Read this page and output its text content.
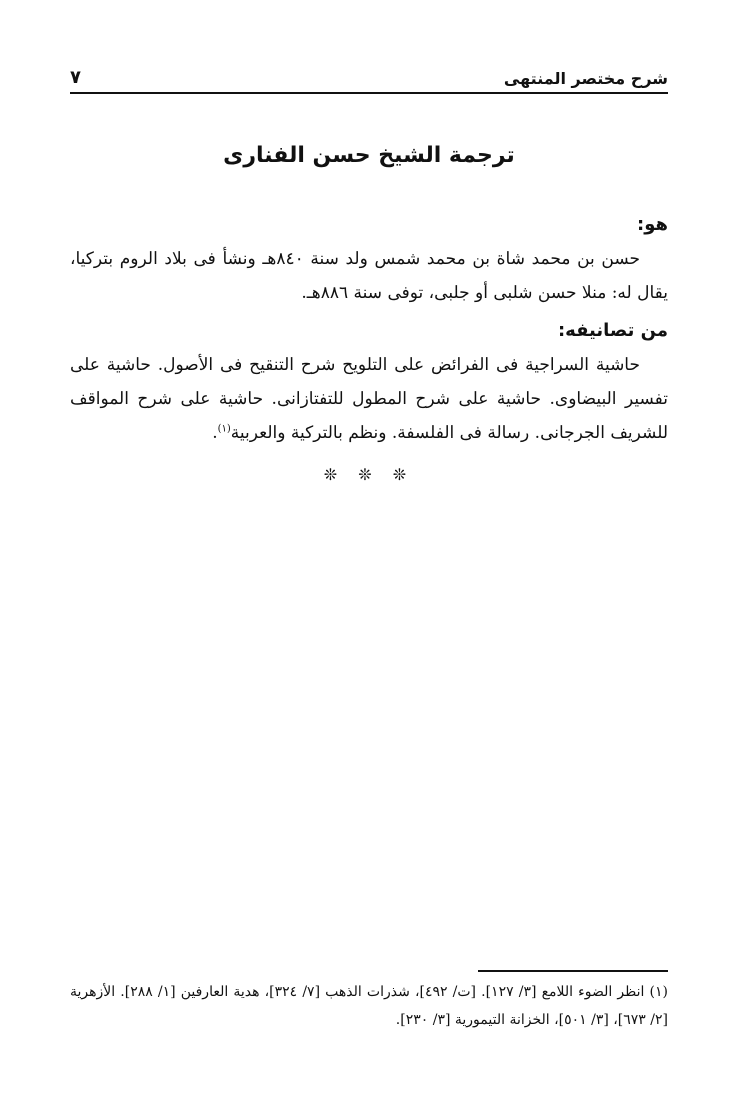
شرح مختصر المنتهى
٧
ترجمة الشيخ حسن الفنارى

هو:

حسن بن محمد شاة بن محمد شمس ولد سنة ٨٤٠هـ ونشأ فى بلاد الروم بتركيا، يقال له: منلا حسن شلبى أو جلبى، توفى سنة ٨٨٦هـ.

من تصانيفه:

حاشية السراجية فى الفرائض على التلويح شرح التنقيح فى الأصول. حاشية على تفسير البيضاوى. حاشية على شرح المطول للتفتازانى. حاشية على شرح المواقف للشريف الجرجانى. رسالة فى الفلسفة. ونظم بالتركية والعربية$^{(١)}$.

❊ ❊ ❊
(١) انظر الضوء اللامع [٣/ ١٢٧]. [ت/ ٤٩٢]، شذرات الذهب [٧/ ٣٢٤]، هدية العارفين [١/ ٢٨٨]. الأزهرية [٢/ ٦٧٣]، [٣/ ٥٠١]، الخزانة التيمورية [٣/ ٢٣٠].
